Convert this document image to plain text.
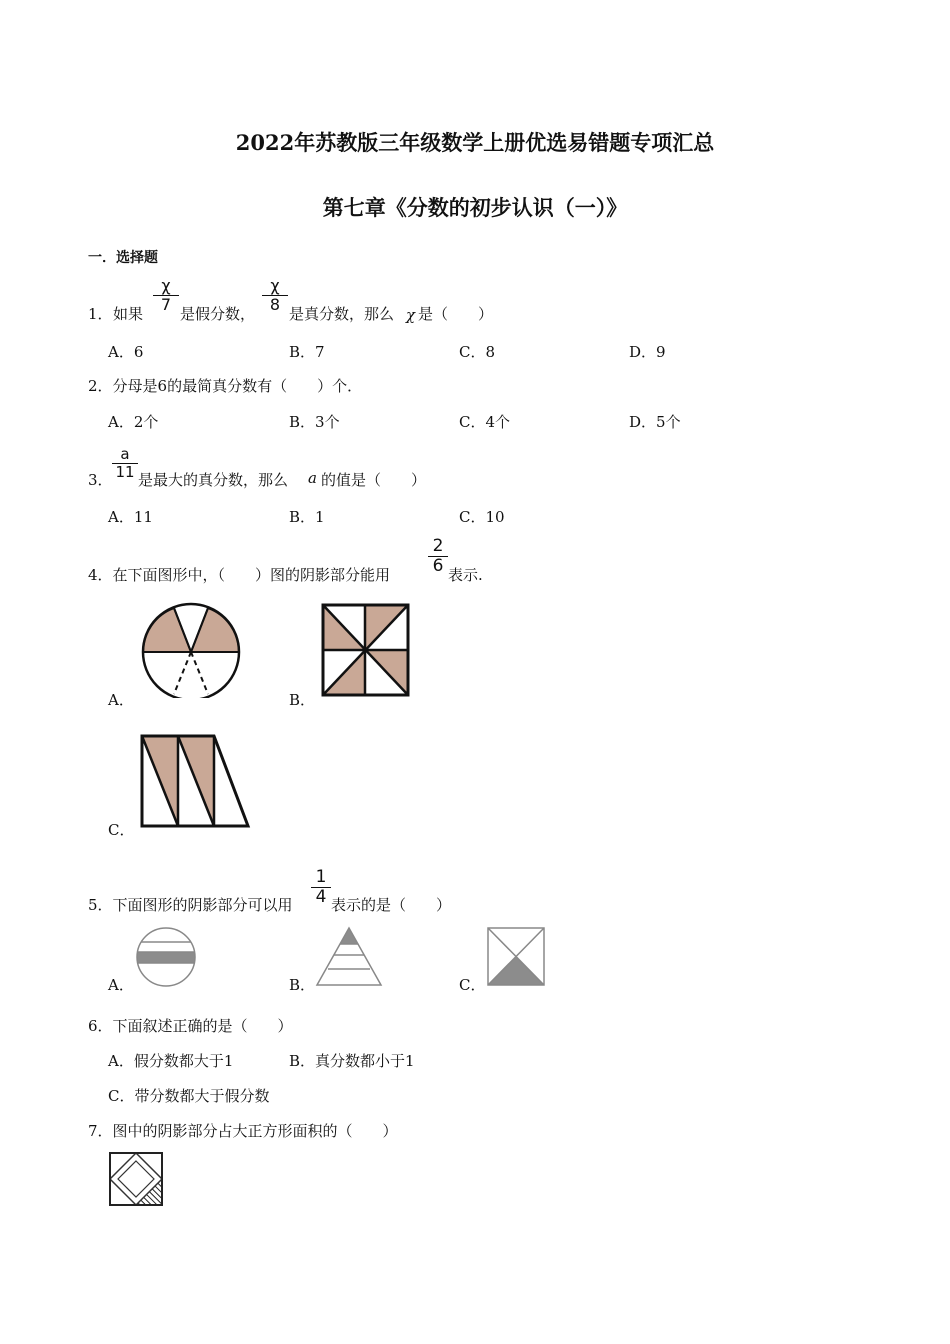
2022年苏教版三年级数学上册优选易错题专项汇总
第七章《分数的初步认识（一）》
一．选择题
1． 如果
χ
7 是假分数，
χ
8 是真分数，那么 χ 是（　　）
A．6	B．7	C．8	D．9
2．分母是6的最简真分数有（　　）个．
A．2个	B．3个	C．4个	D．5个
3．
a
11 是最大的真分数，那么 a 的值是（　　）
A．11	B．1	C．10
4．在下面图形中，（　　）图的阴影部分能用
2
6 表示.
A．	B．
C．
5．下面图形的阴影部分可以用
1
4 表示的是（　　）
A．	B．	C．
6．下面叙述正确的是（　　）
A．假分数都大于1	B．真分数都小于1
C．带分数都大于假分数
7．图中的阴影部分占大正方形面积的（　　）
